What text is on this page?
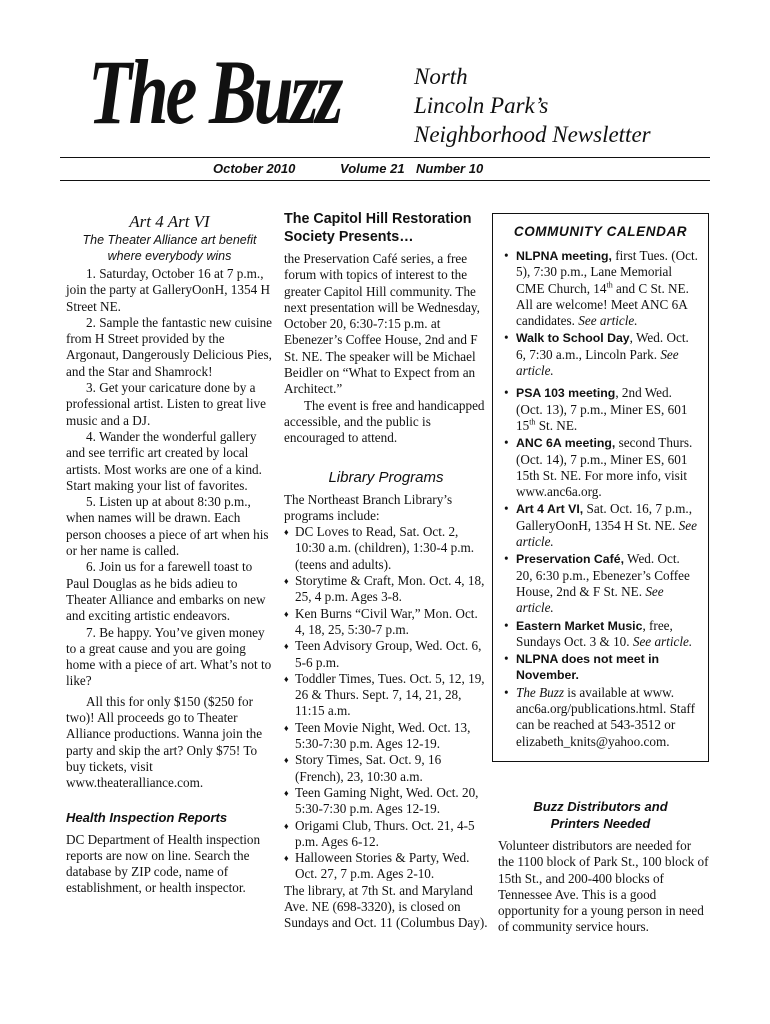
The Buzz	North
Lincoln Park’s
Neighborhood Newsletter
October 2010	Volume 21 Number 10
Art 4 Art VI
The Theater Alliance art benefit
where everybody wins

1. Saturday, October 16 at 7 p.m., join the party at GalleryOonH, 1354 H Street NE.

2. Sample the fantastic new cuisine from H Street provided by the Argonaut, Dangerously Delicious Pies, and the Star and Shamrock!

3. Get your caricature done by a professional artist. Listen to great live music and a DJ.

4. Wander the wonderful gallery and see terrific art created by local artists. Most works are one of a kind. Start making your list of favorites.

5. Listen up at about 8:30 p.m., when names will be drawn. Each person chooses a piece of art when his or her name is called.

6. Join us for a farewell toast to Paul Douglas as he bids adieu to Theater Alliance and embarks on new and exciting artistic endeavors.

7. Be happy. You’ve given money to a great cause and you are going home with a piece of art. What’s not to like?

All this for only $150 ($250 for two)! All proceeds go to Theater Alliance productions. Wanna join the party and skip the art? Only $75! To buy tickets, visit www.theateralliance.com.

Health Inspection Reports

DC Department of Health inspection reports are now on line. Search the database by ZIP code, name of establishment, or health inspector.

The Capitol Hill Restoration
Society Presents…

the Preservation Café series, a free forum with topics of interest to the greater Capitol Hill community. The next presentation will be Wednesday, October 20, 6:30-7:15 p.m. at Ebenezer’s Coffee House, 2nd and F St. NE. The speaker will be Michael Beidler on “What to Expect from an Architect.”

The event is free and handicapped accessible, and the public is encouraged to attend.

Library Programs

The Northeast Branch Library’s programs include:

♦ DC Loves to Read, Sat. Oct. 2, 10:30 a.m. (children), 1:30-4 p.m. (teens and adults).
♦ Storytime & Craft, Mon. Oct. 4, 18, 25, 4 p.m. Ages 3-8.
♦ Ken Burns “Civil War,” Mon. Oct. 4, 18, 25, 5:30-7 p.m.
♦ Teen Advisory Group, Wed. Oct. 6, 5-6 p.m.
♦ Toddler Times, Tues. Oct. 5, 12, 19, 26 & Thurs. Sept. 7, 14, 21, 28, 11:15 a.m.
♦ Teen Movie Night, Wed. Oct. 13, 5:30-7:30 p.m. Ages 12-19.
♦ Story Times, Sat. Oct. 9, 16 (French), 23, 10:30 a.m.
♦ Teen Gaming Night, Wed. Oct. 20, 5:30-7:30 p.m. Ages 12-19.
♦ Origami Club, Thurs. Oct. 21, 4-5 p.m. Ages 6-12.
♦ Halloween Stories & Party, Wed. Oct. 27, 7 p.m. Ages 2-10.

The library, at 7th St. and Maryland Ave. NE (698-3320), is closed on Sundays and Oct. 11 (Columbus Day).

COMMUNITY CALENDAR
• NLPNA meeting, first Tues. (Oct. 5), 7:30 p.m., Lane Memorial CME Church, 14th and C St. NE. All are welcome! Meet ANC 6A candidates. See article.
• Walk to School Day, Wed. Oct. 6, 7:30 a.m., Lincoln Park. See article.
• PSA 103 meeting, 2nd Wed. (Oct. 13), 7 p.m., Miner ES, 601 15th St. NE.
• ANC 6A meeting, second Thurs. (Oct. 14), 7 p.m., Miner ES, 601 15th St. NE. For more info, visit www.anc6a.org.
• Art 4 Art VI, Sat. Oct. 16, 7 p.m., GalleryOonH, 1354 H St. NE. See article.
• Preservation Café, Wed. Oct. 20, 6:30 p.m., Ebenezer’s Coffee House, 2nd & F St. NE. See article.
• Eastern Market Music, free, Sundays Oct. 3 & 10. See article.
• NLPNA does not meet in November.
• The Buzz is available at www. anc6a.org/publications.html. Staff can be reached at 543-3512 or elizabeth_knits@yahoo.com.
Buzz Distributors and
Printers Needed

Volunteer distributors are needed for the 1100 block of Park St., 100 block of 15th St., and 200-400 blocks of Tennessee Ave. This is a good opportunity for a young person in need of community service hours.
